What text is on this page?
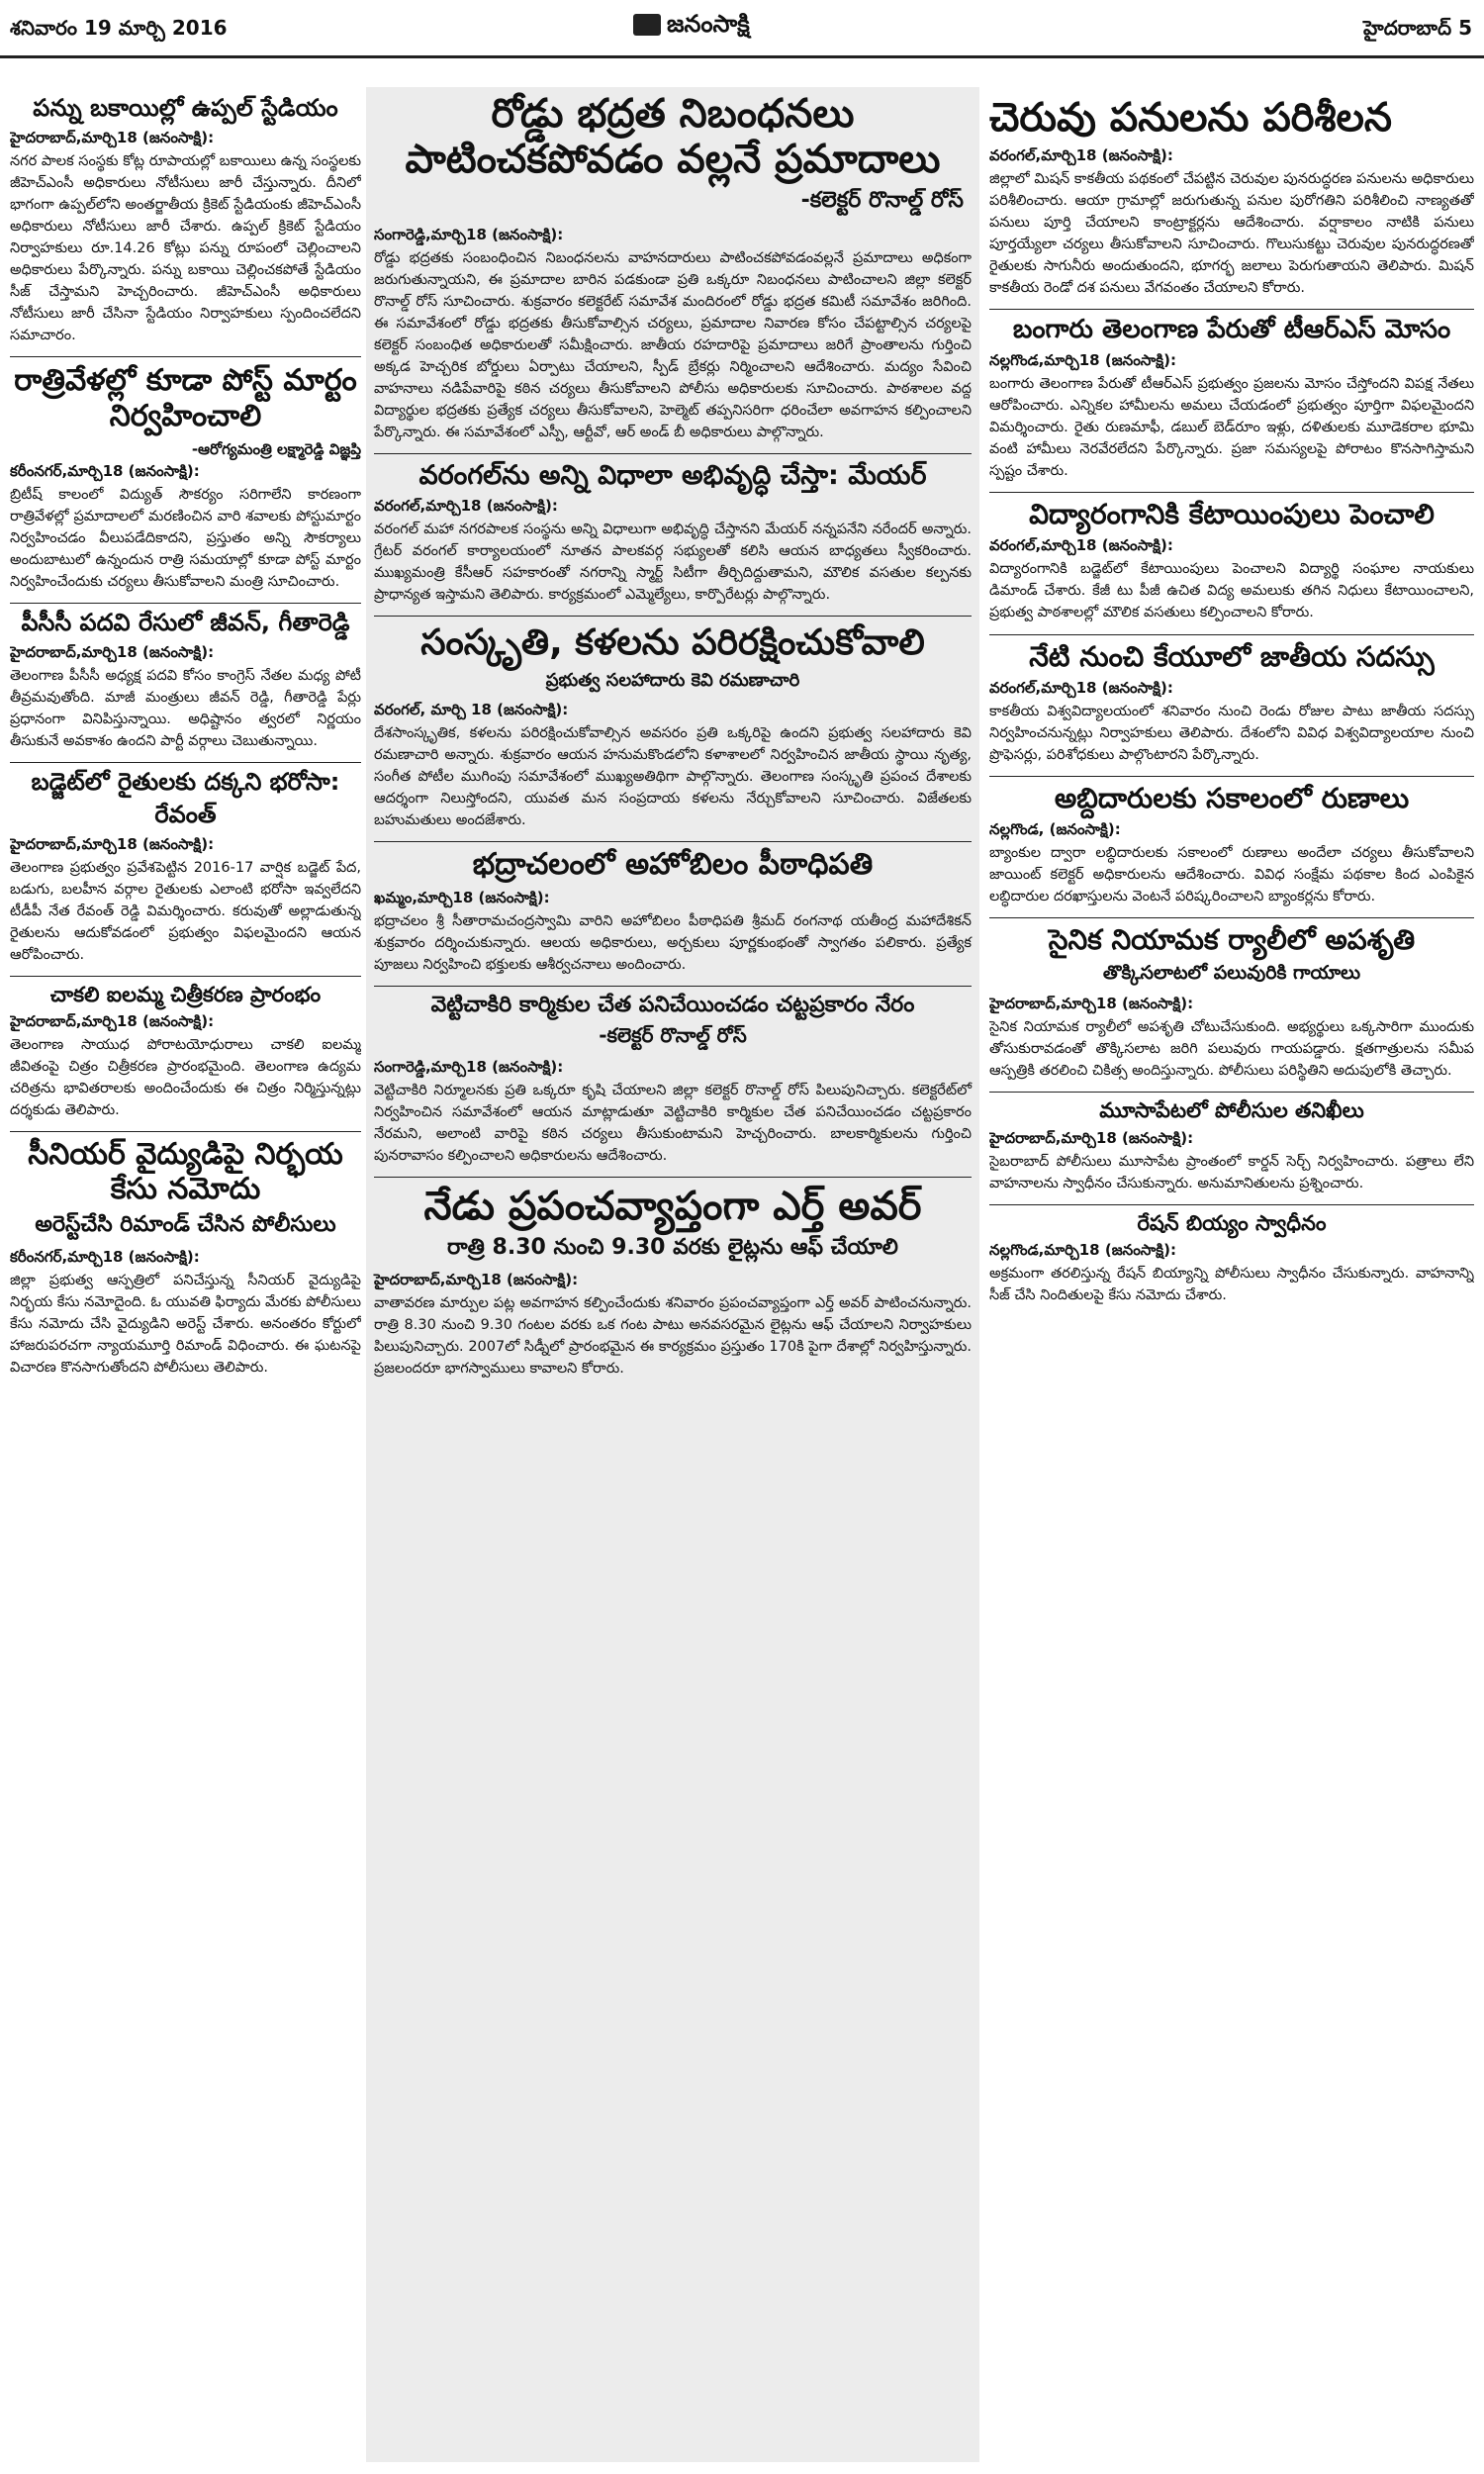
శనివారం 19 మార్చి 2016	జనంసాక్షి	హైదరాబాద్ 5
పన్ను బకాయిల్లో ఉప్పల్ స్టేడియం
హైదరాబాద్,మార్చి18 (జనంసాక్షి):
నగర పాలక సంస్థకు కోట్ల రూపాయల్లో బకాయిలు ఉన్న సంస్థలకు జీహెచ్ఎంసీ అధికారులు నోటీసులు జారీ చేస్తున్నారు. దీనిలో భాగంగా ఉప్పల్‌లోని అంతర్జాతీయ క్రికెట్ స్టేడియంకు జీహెచ్ఎంసీ అధికారులు నోటీసులు జారీ చేశారు. ఉప్పల్ క్రికెట్ స్టేడియం నిర్వాహకులు రూ.14.26 కోట్లు పన్ను రూపంలో చెల్లించాలని అధికారులు పేర్కొన్నారు. పన్ను బకాయి చెల్లించకపోతే స్టేడియం సీజ్ చేస్తామని హెచ్చరించారు. జీహెచ్ఎంసీ అధికారులు నోటీసులు జారీ చేసినా స్టేడియం నిర్వాహకులు స్పందించలేదని సమాచారం.
రాత్రివేళల్లో కూడా పోస్ట్ మార్టం నిర్వహించాలి
-ఆరోగ్యమంత్రి లక్ష్మారెడ్డి విజ్ఞప్తి
కరీంనగర్,మార్చి18 (జనంసాక్షి):
బ్రిటీష్ కాలంలో విద్యుత్ సౌకర్యం సరిగాలేని కారణంగా రాత్రివేళల్లో ప్రమాదాలలో మరణించిన వారి శవాలకు పోస్టుమార్టం నిర్వహించడం వీలుపడేదికాదని, ప్రస్తుతం అన్ని సౌకర్యాలు అందుబాటులో ఉన్నందున రాత్రి సమయాల్లో కూడా పోస్ట్ మార్టం నిర్వహించేందుకు చర్యలు తీసుకోవాలని మంత్రి సూచించారు.
పీసీసీ పదవి రేసులో జీవన్, గీతారెడ్డి
హైదరాబాద్,మార్చి18 (జనంసాక్షి):
తెలంగాణ పీసీసీ అధ్యక్ష పదవి కోసం కాంగ్రెస్ నేతల మధ్య పోటీ తీవ్రమవుతోంది. మాజీ మంత్రులు జీవన్ రెడ్డి, గీతారెడ్డి పేర్లు ప్రధానంగా వినిపిస్తున్నాయి. అధిష్టానం త్వరలో నిర్ణయం తీసుకునే అవకాశం ఉందని పార్టీ వర్గాలు చెబుతున్నాయి.
బడ్జెట్‌లో రైతులకు దక్కని భరోసా:
రేవంత్
హైదరాబాద్,మార్చి18 (జనంసాక్షి):
తెలంగాణ ప్రభుత్వం ప్రవేశపెట్టిన 2016-17 వార్షిక బడ్జెట్ పేద, బడుగు, బలహీన వర్గాల రైతులకు ఎలాంటి భరోసా ఇవ్వలేదని టీడీపీ నేత రేవంత్ రెడ్డి విమర్శించారు. కరువుతో అల్లాడుతున్న రైతులను ఆదుకోవడంలో ప్రభుత్వం విఫలమైందని ఆయన ఆరోపించారు.
చాకలి ఐలమ్మ చిత్రీకరణ ప్రారంభం
హైదరాబాద్,మార్చి18 (జనంసాక్షి):
తెలంగాణ సాయుధ పోరాటయోధురాలు చాకలి ఐలమ్మ జీవితంపై చిత్రం చిత్రీకరణ ప్రారంభమైంది. తెలంగాణ ఉద్యమ చరిత్రను భావితరాలకు అందించేందుకు ఈ చిత్రం నిర్మిస్తున్నట్లు దర్శకుడు తెలిపారు.
సీనియర్ వైద్యుడిపై నిర్భయ కేసు నమోదు
అరెస్ట్‌చేసి రిమాండ్ చేసిన పోలీసులు
కరీంనగర్,మార్చి18 (జనంసాక్షి):
జిల్లా ప్రభుత్వ ఆస్పత్రిలో పనిచేస్తున్న సీనియర్ వైద్యుడిపై నిర్భయ కేసు నమోదైంది. ఓ యువతి ఫిర్యాదు మేరకు పోలీసులు కేసు నమోదు చేసి వైద్యుడిని అరెస్ట్ చేశారు. అనంతరం కోర్టులో హాజరుపరచగా న్యాయమూర్తి రిమాండ్ విధించారు. ఈ ఘటనపై విచారణ కొనసాగుతోందని పోలీసులు తెలిపారు.
రోడ్డు భద్రత నిబంధనలు పాటించకపోవడం వల్లనే ప్రమాదాలు
-కలెక్టర్ రొనాల్డ్ రోస్
సంగారెడ్డి,మార్చి18 (జనంసాక్షి):
రోడ్డు భద్రతకు సంబంధించిన నిబంధనలను వాహనదారులు పాటించకపోవడంవల్లనే ప్రమాదాలు అధికంగా జరుగుతున్నాయని, ఈ ప్రమాదాల బారిన పడకుండా ప్రతి ఒక్కరూ నిబంధనలు పాటించాలని జిల్లా కలెక్టర్ రొనాల్డ్ రోస్ సూచించారు. శుక్రవారం కలెక్టరేట్ సమావేశ మందిరంలో రోడ్డు భద్రత కమిటీ సమావేశం జరిగింది. ఈ సమావేశంలో రోడ్డు భద్రతకు తీసుకోవాల్సిన చర్యలు, ప్రమాదాల నివారణ కోసం చేపట్టాల్సిన చర్యలపై కలెక్టర్ సంబంధిత అధికారులతో సమీక్షించారు. జాతీయ రహదారిపై ప్రమాదాలు జరిగే ప్రాంతాలను గుర్తించి అక్కడ హెచ్చరిక బోర్డులు ఏర్పాటు చేయాలని, స్పీడ్ బ్రేకర్లు నిర్మించాలని ఆదేశించారు. మద్యం సేవించి వాహనాలు నడిపేవారిపై కఠిన చర్యలు తీసుకోవాలని పోలీసు అధికారులకు సూచించారు. పాఠశాలల వద్ద విద్యార్థుల భద్రతకు ప్రత్యేక చర్యలు తీసుకోవాలని, హెల్మెట్ తప్పనిసరిగా ధరించేలా అవగాహన కల్పించాలని పేర్కొన్నారు. ఈ సమావేశంలో ఎస్పీ, ఆర్టీవో, ఆర్ అండ్ బీ అధికారులు పాల్గొన్నారు.
వరంగల్‌ను అన్ని విధాలా అభివృద్ధి చేస్తా: మేయర్
వరంగల్,మార్చి18 (జనంసాక్షి):
వరంగల్ మహా నగరపాలక సంస్థను అన్ని విధాలుగా అభివృద్ధి చేస్తానని మేయర్ నన్నపనేని నరేందర్ అన్నారు. గ్రేటర్ వరంగల్ కార్యాలయంలో నూతన పాలకవర్గ సభ్యులతో కలిసి ఆయన బాధ్యతలు స్వీకరించారు. ముఖ్యమంత్రి కేసీఆర్ సహకారంతో నగరాన్ని స్మార్ట్ సిటీగా తీర్చిదిద్దుతామని, మౌలిక వసతుల కల్పనకు ప్రాధాన్యత ఇస్తామని తెలిపారు. కార్యక్రమంలో ఎమ్మెల్యేలు, కార్పొరేటర్లు పాల్గొన్నారు.
సంస్కృతి, కళలను పరిరక్షించుకోవాలి
ప్రభుత్వ సలహాదారు కెవి రమణాచారి
వరంగల్, మార్చి 18 (జనంసాక్షి):
దేశసాంస్కృతిక, కళలను పరిరక్షించుకోవాల్సిన అవసరం ప్రతి ఒక్కరిపై ఉందని ప్రభుత్వ సలహాదారు కెవి రమణాచారి అన్నారు. శుక్రవారం ఆయన హనుమకొండలోని కళాశాలలో నిర్వహించిన జాతీయ స్థాయి నృత్య, సంగీత పోటీల ముగింపు సమావేశంలో ముఖ్యఅతిథిగా పాల్గొన్నారు. తెలంగాణ సంస్కృతి ప్రపంచ దేశాలకు ఆదర్శంగా నిలుస్తోందని, యువత మన సంప్రదాయ కళలను నేర్చుకోవాలని సూచించారు. విజేతలకు బహుమతులు అందజేశారు.
భద్రాచలంలో అహోబిలం పీఠాధిపతి
ఖమ్మం,మార్చి18 (జనంసాక్షి):
భద్రాచలం శ్రీ సీతారామచంద్రస్వామి వారిని అహోబిలం పీఠాధిపతి శ్రీమద్ రంగనాథ యతీంద్ర మహాదేశికన్ శుక్రవారం దర్శించుకున్నారు. ఆలయ అధికారులు, అర్చకులు పూర్ణకుంభంతో స్వాగతం పలికారు. ప్రత్యేక పూజలు నిర్వహించి భక్తులకు ఆశీర్వచనాలు అందించారు.
వెట్టిచాకిరి కార్మికుల చేత పనిచేయించడం చట్టప్రకారం నేరం
-కలెక్టర్ రొనాల్డ్ రోస్
సంగారెడ్డి,మార్చి18 (జనంసాక్షి):
వెట్టిచాకిరి నిర్మూలనకు ప్రతి ఒక్కరూ కృషి చేయాలని జిల్లా కలెక్టర్ రొనాల్డ్ రోస్ పిలుపునిచ్చారు. కలెక్టరేట్‌లో నిర్వహించిన సమావేశంలో ఆయన మాట్లాడుతూ వెట్టిచాకిరి కార్మికుల చేత పనిచేయించడం చట్టప్రకారం నేరమని, అలాంటి వారిపై కఠిన చర్యలు తీసుకుంటామని హెచ్చరించారు. బాలకార్మికులను గుర్తించి పునరావాసం కల్పించాలని అధికారులను ఆదేశించారు.
నేడు ప్రపంచవ్యాప్తంగా ఎర్త్ అవర్
రాత్రి 8.30 నుంచి 9.30 వరకు లైట్లను ఆఫ్ చేయాలి
హైదరాబాద్,మార్చి18 (జనంసాక్షి):
వాతావరణ మార్పుల పట్ల అవగాహన కల్పించేందుకు శనివారం ప్రపంచవ్యాప్తంగా ఎర్త్ అవర్ పాటించనున్నారు. రాత్రి 8.30 నుంచి 9.30 గంటల వరకు ఒక గంట పాటు అనవసరమైన లైట్లను ఆఫ్ చేయాలని నిర్వాహకులు పిలుపునిచ్చారు. 2007లో సిడ్నీలో ప్రారంభమైన ఈ కార్యక్రమం ప్రస్తుతం 170కి పైగా దేశాల్లో నిర్వహిస్తున్నారు. ప్రజలందరూ భాగస్వాములు కావాలని కోరారు.
చెరువు పనులను పరిశీలన
వరంగల్,మార్చి18 (జనంసాక్షి):
జిల్లాలో మిషన్ కాకతీయ పథకంలో చేపట్టిన చెరువుల పునరుద్ధరణ పనులను అధికారులు పరిశీలించారు. ఆయా గ్రామాల్లో జరుగుతున్న పనుల పురోగతిని పరిశీలించి నాణ్యతతో పనులు పూర్తి చేయాలని కాంట్రాక్టర్లను ఆదేశించారు. వర్షాకాలం నాటికి పనులు పూర్తయ్యేలా చర్యలు తీసుకోవాలని సూచించారు. గొలుసుకట్టు చెరువుల పునరుద్ధరణతో రైతులకు సాగునీరు అందుతుందని, భూగర్భ జలాలు పెరుగుతాయని తెలిపారు. మిషన్ కాకతీయ రెండో దశ పనులు వేగవంతం చేయాలని కోరారు.
బంగారు తెలంగాణ పేరుతో టీఆర్ఎస్ మోసం
నల్లగొండ,మార్చి18 (జనంసాక్షి):
బంగారు తెలంగాణ పేరుతో టీఆర్ఎస్ ప్రభుత్వం ప్రజలను మోసం చేస్తోందని విపక్ష నేతలు ఆరోపించారు. ఎన్నికల హామీలను అమలు చేయడంలో ప్రభుత్వం పూర్తిగా విఫలమైందని విమర్శించారు. రైతు రుణమాఫీ, డబుల్ బెడ్‌రూం ఇళ్లు, దళితులకు మూడెకరాల భూమి వంటి హామీలు నెరవేరలేదని పేర్కొన్నారు. ప్రజా సమస్యలపై పోరాటం కొనసాగిస్తామని స్పష్టం చేశారు.
విద్యారంగానికి కేటాయింపులు పెంచాలి
వరంగల్,మార్చి18 (జనంసాక్షి):
విద్యారంగానికి బడ్జెట్‌లో కేటాయింపులు పెంచాలని విద్యార్థి సంఘాల నాయకులు డిమాండ్ చేశారు. కేజీ టు పీజీ ఉచిత విద్య అమలుకు తగిన నిధులు కేటాయించాలని, ప్రభుత్వ పాఠశాలల్లో మౌలిక వసతులు కల్పించాలని కోరారు.
నేటి నుంచి కేయూలో జాతీయ సదస్సు
వరంగల్,మార్చి18 (జనంసాక్షి):
కాకతీయ విశ్వవిద్యాలయంలో శనివారం నుంచి రెండు రోజుల పాటు జాతీయ సదస్సు నిర్వహించనున్నట్లు నిర్వాహకులు తెలిపారు. దేశంలోని వివిధ విశ్వవిద్యాలయాల నుంచి ప్రొఫెసర్లు, పరిశోధకులు పాల్గొంటారని పేర్కొన్నారు.
అబ్దిదారులకు సకాలంలో రుణాలు
నల్లగొండ, (జనంసాక్షి):
బ్యాంకుల ద్వారా లబ్ధిదారులకు సకాలంలో రుణాలు అందేలా చర్యలు తీసుకోవాలని జాయింట్ కలెక్టర్ అధికారులను ఆదేశించారు. వివిధ సంక్షేమ పథకాల కింద ఎంపికైన లబ్ధిదారుల దరఖాస్తులను వెంటనే పరిష్కరించాలని బ్యాంకర్లను కోరారు.
సైనిక నియామక ర్యాలీలో అపశృతి
తొక్కిసలాటలో పలువురికి గాయాలు
హైదరాబాద్,మార్చి18 (జనంసాక్షి):
సైనిక నియామక ర్యాలీలో అపశృతి చోటుచేసుకుంది. అభ్యర్థులు ఒక్కసారిగా ముందుకు తోసుకురావడంతో తొక్కిసలాట జరిగి పలువురు గాయపడ్డారు. క్షతగాత్రులను సమీప ఆస్పత్రికి తరలించి చికిత్స అందిస్తున్నారు. పోలీసులు పరిస్థితిని అదుపులోకి తెచ్చారు.
మూసాపేటలో పోలీసుల తనిఖీలు
హైదరాబాద్,మార్చి18 (జనంసాక్షి):
సైబరాబాద్ పోలీసులు మూసాపేట ప్రాంతంలో కార్డన్ సెర్చ్ నిర్వహించారు. పత్రాలు లేని వాహనాలను స్వాధీనం చేసుకున్నారు. అనుమానితులను ప్రశ్నించారు.
రేషన్ బియ్యం స్వాధీనం
నల్లగొండ,మార్చి18 (జనంసాక్షి):
అక్రమంగా తరలిస్తున్న రేషన్ బియ్యాన్ని పోలీసులు స్వాధీనం చేసుకున్నారు. వాహనాన్ని సీజ్ చేసి నిందితులపై కేసు నమోదు చేశారు.
